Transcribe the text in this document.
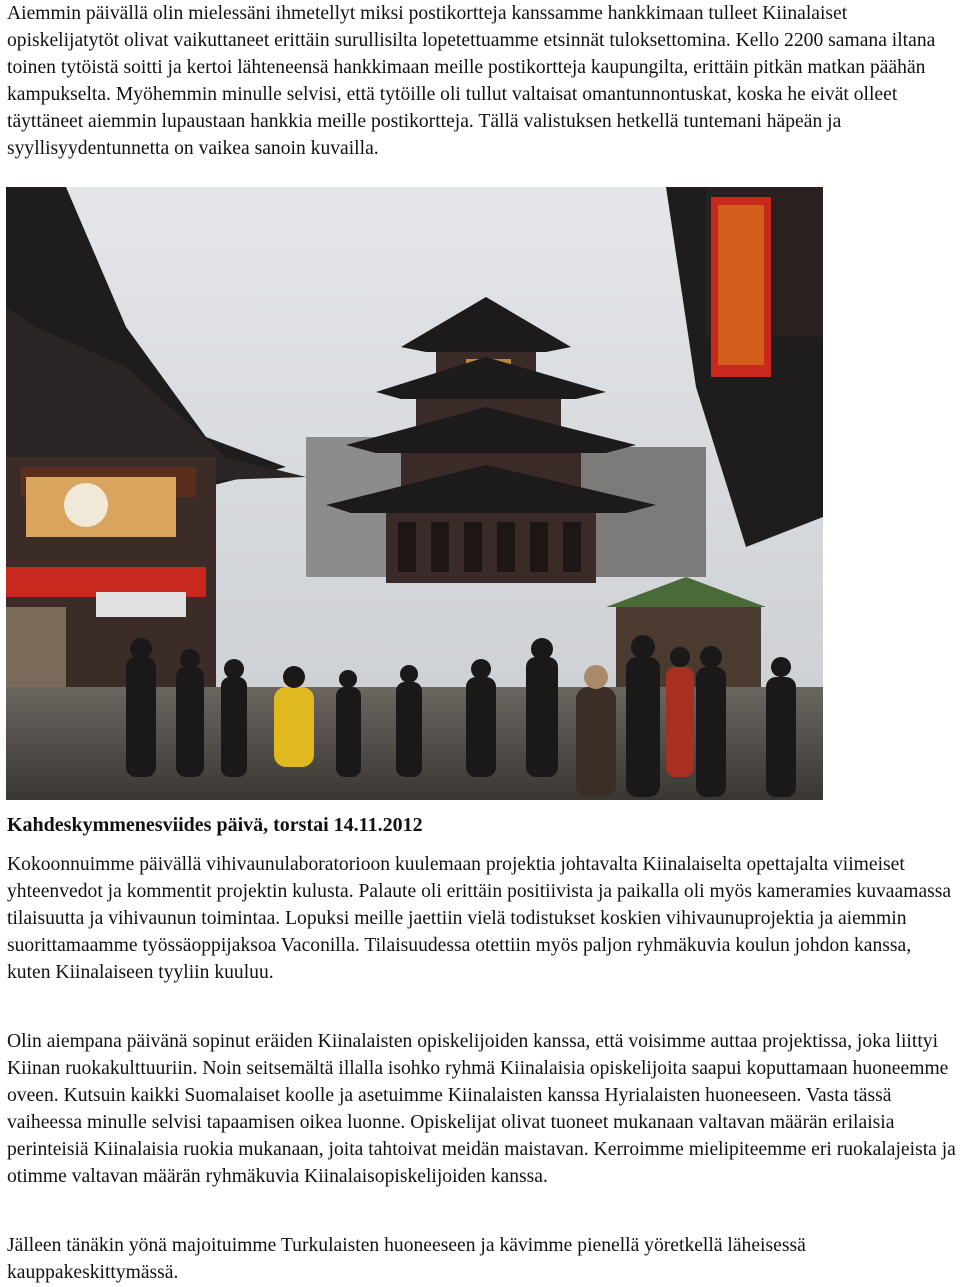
Aiemmin päivällä olin mielessäni ihmetellyt miksi postikortteja kanssamme hankkimaan tulleet Kiinalaiset opiskelijatytöt olivat vaikuttaneet erittäin surullisilta lopetettuamme etsinnät tuloksettomina. Kello 2200 samana iltana toinen tytöistä soitti ja kertoi lähteneensä hankkimaan meille postikortteja kaupungilta, erittäin pitkän matkan päähän kampukselta. Myöhemmin minulle selvisi, että tytöille oli tullut valtaisat omantunnontuskat, koska he eivät olleet täyttäneet aiemmin lupaustaan hankkia meille postikortteja. Tällä valistuksen hetkellä tuntemani häpeän ja syyllisyydentunnetta on vaikea sanoin kuvailla.

Kahdeskymmenesviides päivä, torstai 14.11.2012

Kokoonnuimme päivällä vihivaunulaboratorioon kuulemaan projektia johtavalta Kiinalaiselta opettajalta viimeiset yhteenvedot ja kommentit projektin kulusta. Palaute oli erittäin positiivista ja paikalla oli myös kameramies kuvaamassa tilaisuutta ja vihivaunun toimintaa. Lopuksi meille jaettiin vielä todistukset koskien vihivaunuprojektia ja aiemmin suorittamaamme työssäoppijaksoa Vaconilla. Tilaisuudessa otettiin myös paljon ryhmäkuvia koulun johdon kanssa, kuten Kiinalaiseen tyyliin kuuluu.

Olin aiempana päivänä sopinut eräiden Kiinalaisten opiskelijoiden kanssa, että voisimme auttaa projektissa, joka liittyi Kiinan ruokakulttuuriin. Noin seitsemältä illalla isohko ryhmä Kiinalaisia opiskelijoita saapui koputtamaan huoneemme oveen. Kutsuin kaikki Suomalaiset koolle ja asetuimme Kiinalaisten kanssa Hyrialaisten huoneeseen. Vasta tässä vaiheessa minulle selvisi tapaamisen oikea luonne. Opiskelijat olivat tuoneet mukanaan valtavan määrän erilaisia perinteisiä Kiinalaisia ruokia mukanaan, joita tahtoivat meidän maistavan. Kerroimme mielipiteemme eri ruokalajeista ja otimme valtavan määrän ryhmäkuvia Kiinalaisopiskelijoiden kanssa.

Jälleen tänäkin yönä majoituimme Turkulaisten huoneeseen ja kävimme pienellä yöretkellä läheisessä kauppakeskittymässä.
